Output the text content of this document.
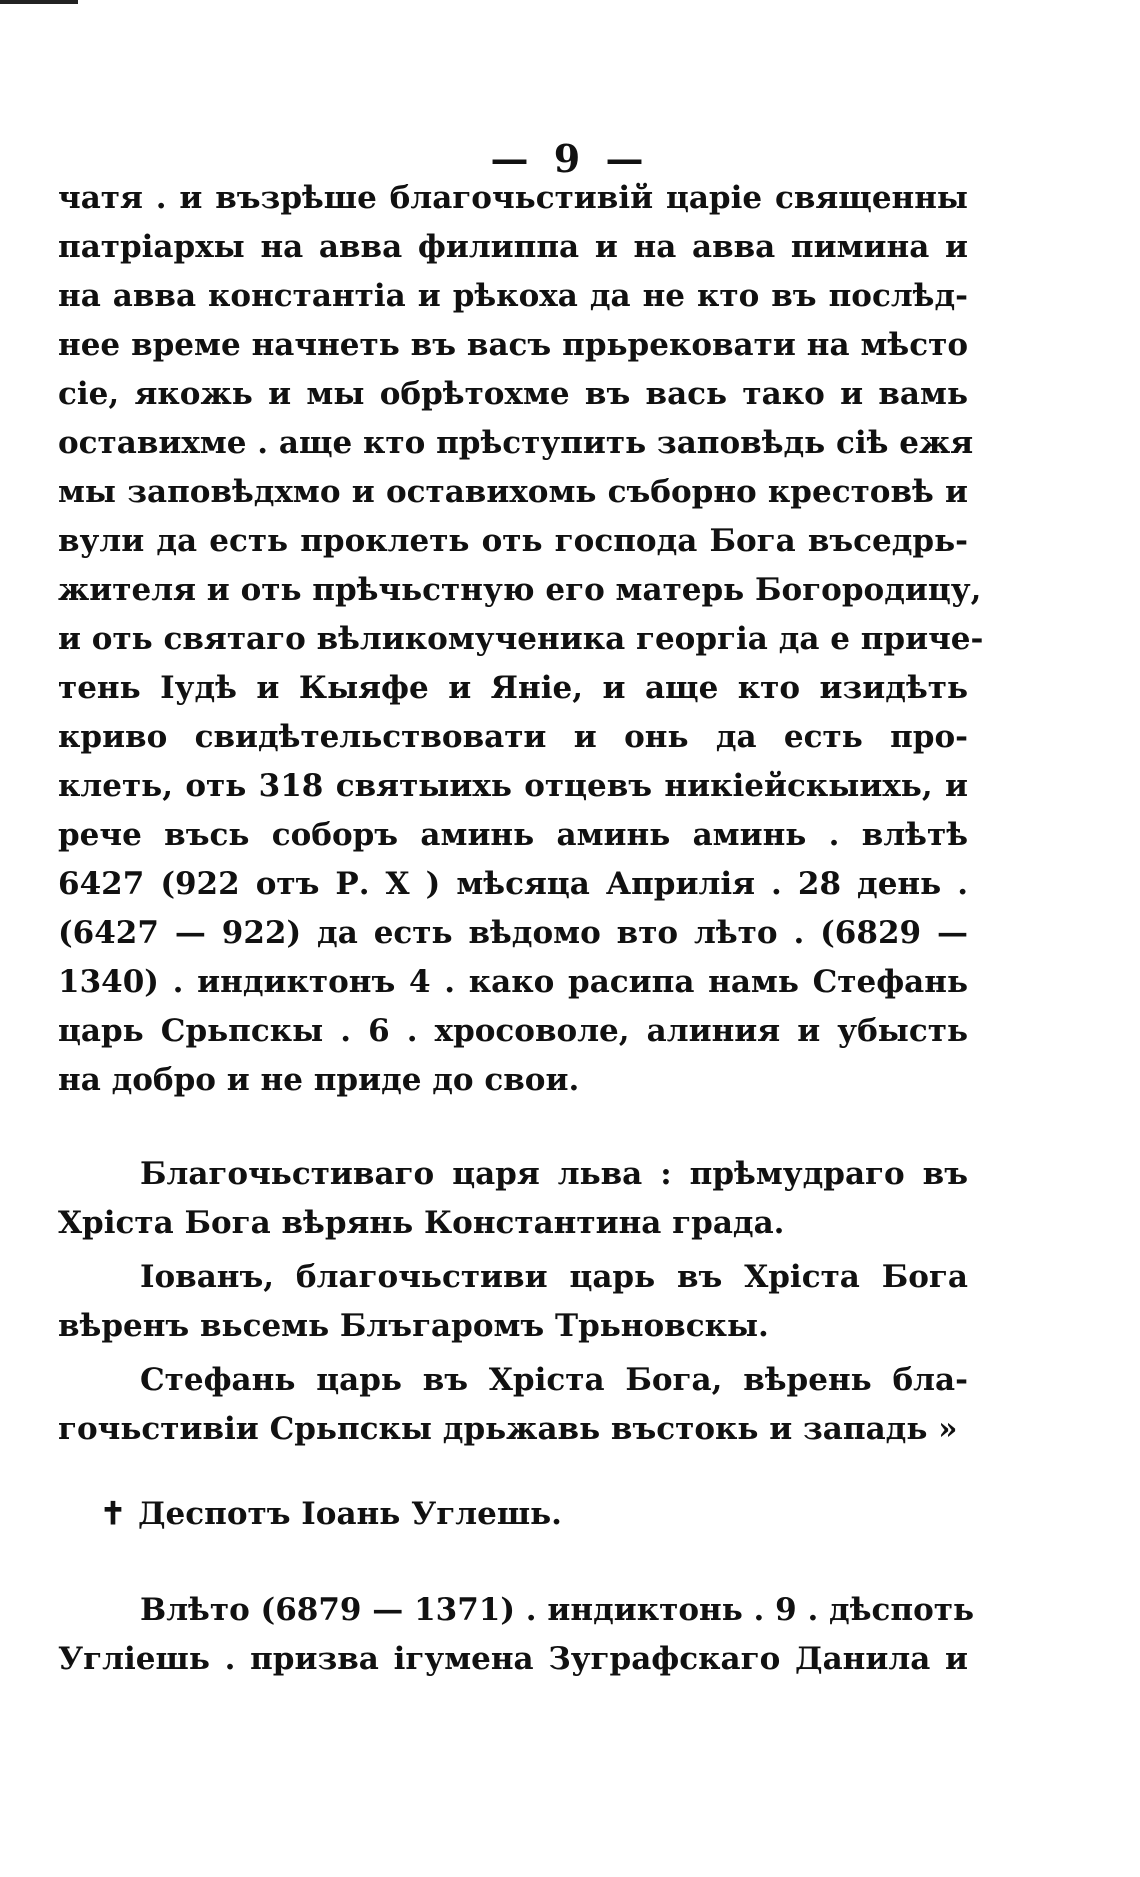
— 9 —
чатя . и възрѣше благочьстивій царіе священны
патріархы на авва филиппа и на авва пимина и
на авва константіа и рѣкоха да не кто въ послѣд-
нее време начнеть въ васъ прьрековати на мѣсто
сіе, якожь и мы обрѣтохме въ вась тако и вамь
оставихме . аще кто прѣступить заповѣдь сіѣ ежя
мы заповѣдхмо и оставихомь съборно крестовѣ и
вули да есть проклеть оть господа Бога въседрь-
жителя и оть прѣчьстную его матерь Богородицу,
и оть святаго вѣликомученика георгіа да е приче-
тень Іудѣ и Кыяфе и Яніе, и аще кто изидѣть
криво свидѣтельствовати и онь да есть про-
клеть, оть 318 святыихь отцевъ никіейскыихь, и
рече въсь соборъ аминь аминь аминь . влѣтѣ
6427 (922 отъ Р. Х ) мѣсяца Априлія . 28 день .
(6427 — 922) да есть вѣдомо вто лѣто . (6829 —
1340) . индиктонъ 4 . како расипа намь Стефань
царь Срьпскы . 6 . хросоволе, алиния и убысть
на добро и не приде до свои.
Благочьстиваго царя льва : прѣмудраго въ
Хріста Бога вѣрянь Константина града.
Іованъ, благочьстиви царь въ Хріста Бога
вѣренъ вьсемь Блъгаромъ Трьновскы.
Стефань царь въ Хріста Бога, вѣрень бла-
гочьстивіи Срьпскы дрьжавь въстокь и западь »
✝ Деспотъ Іоань Углешь.
Влѣто (6879 — 1371) . индиктонь . 9 . дѣспоть
Угліешь . призва ігумена Зуграфскаго Данила и
